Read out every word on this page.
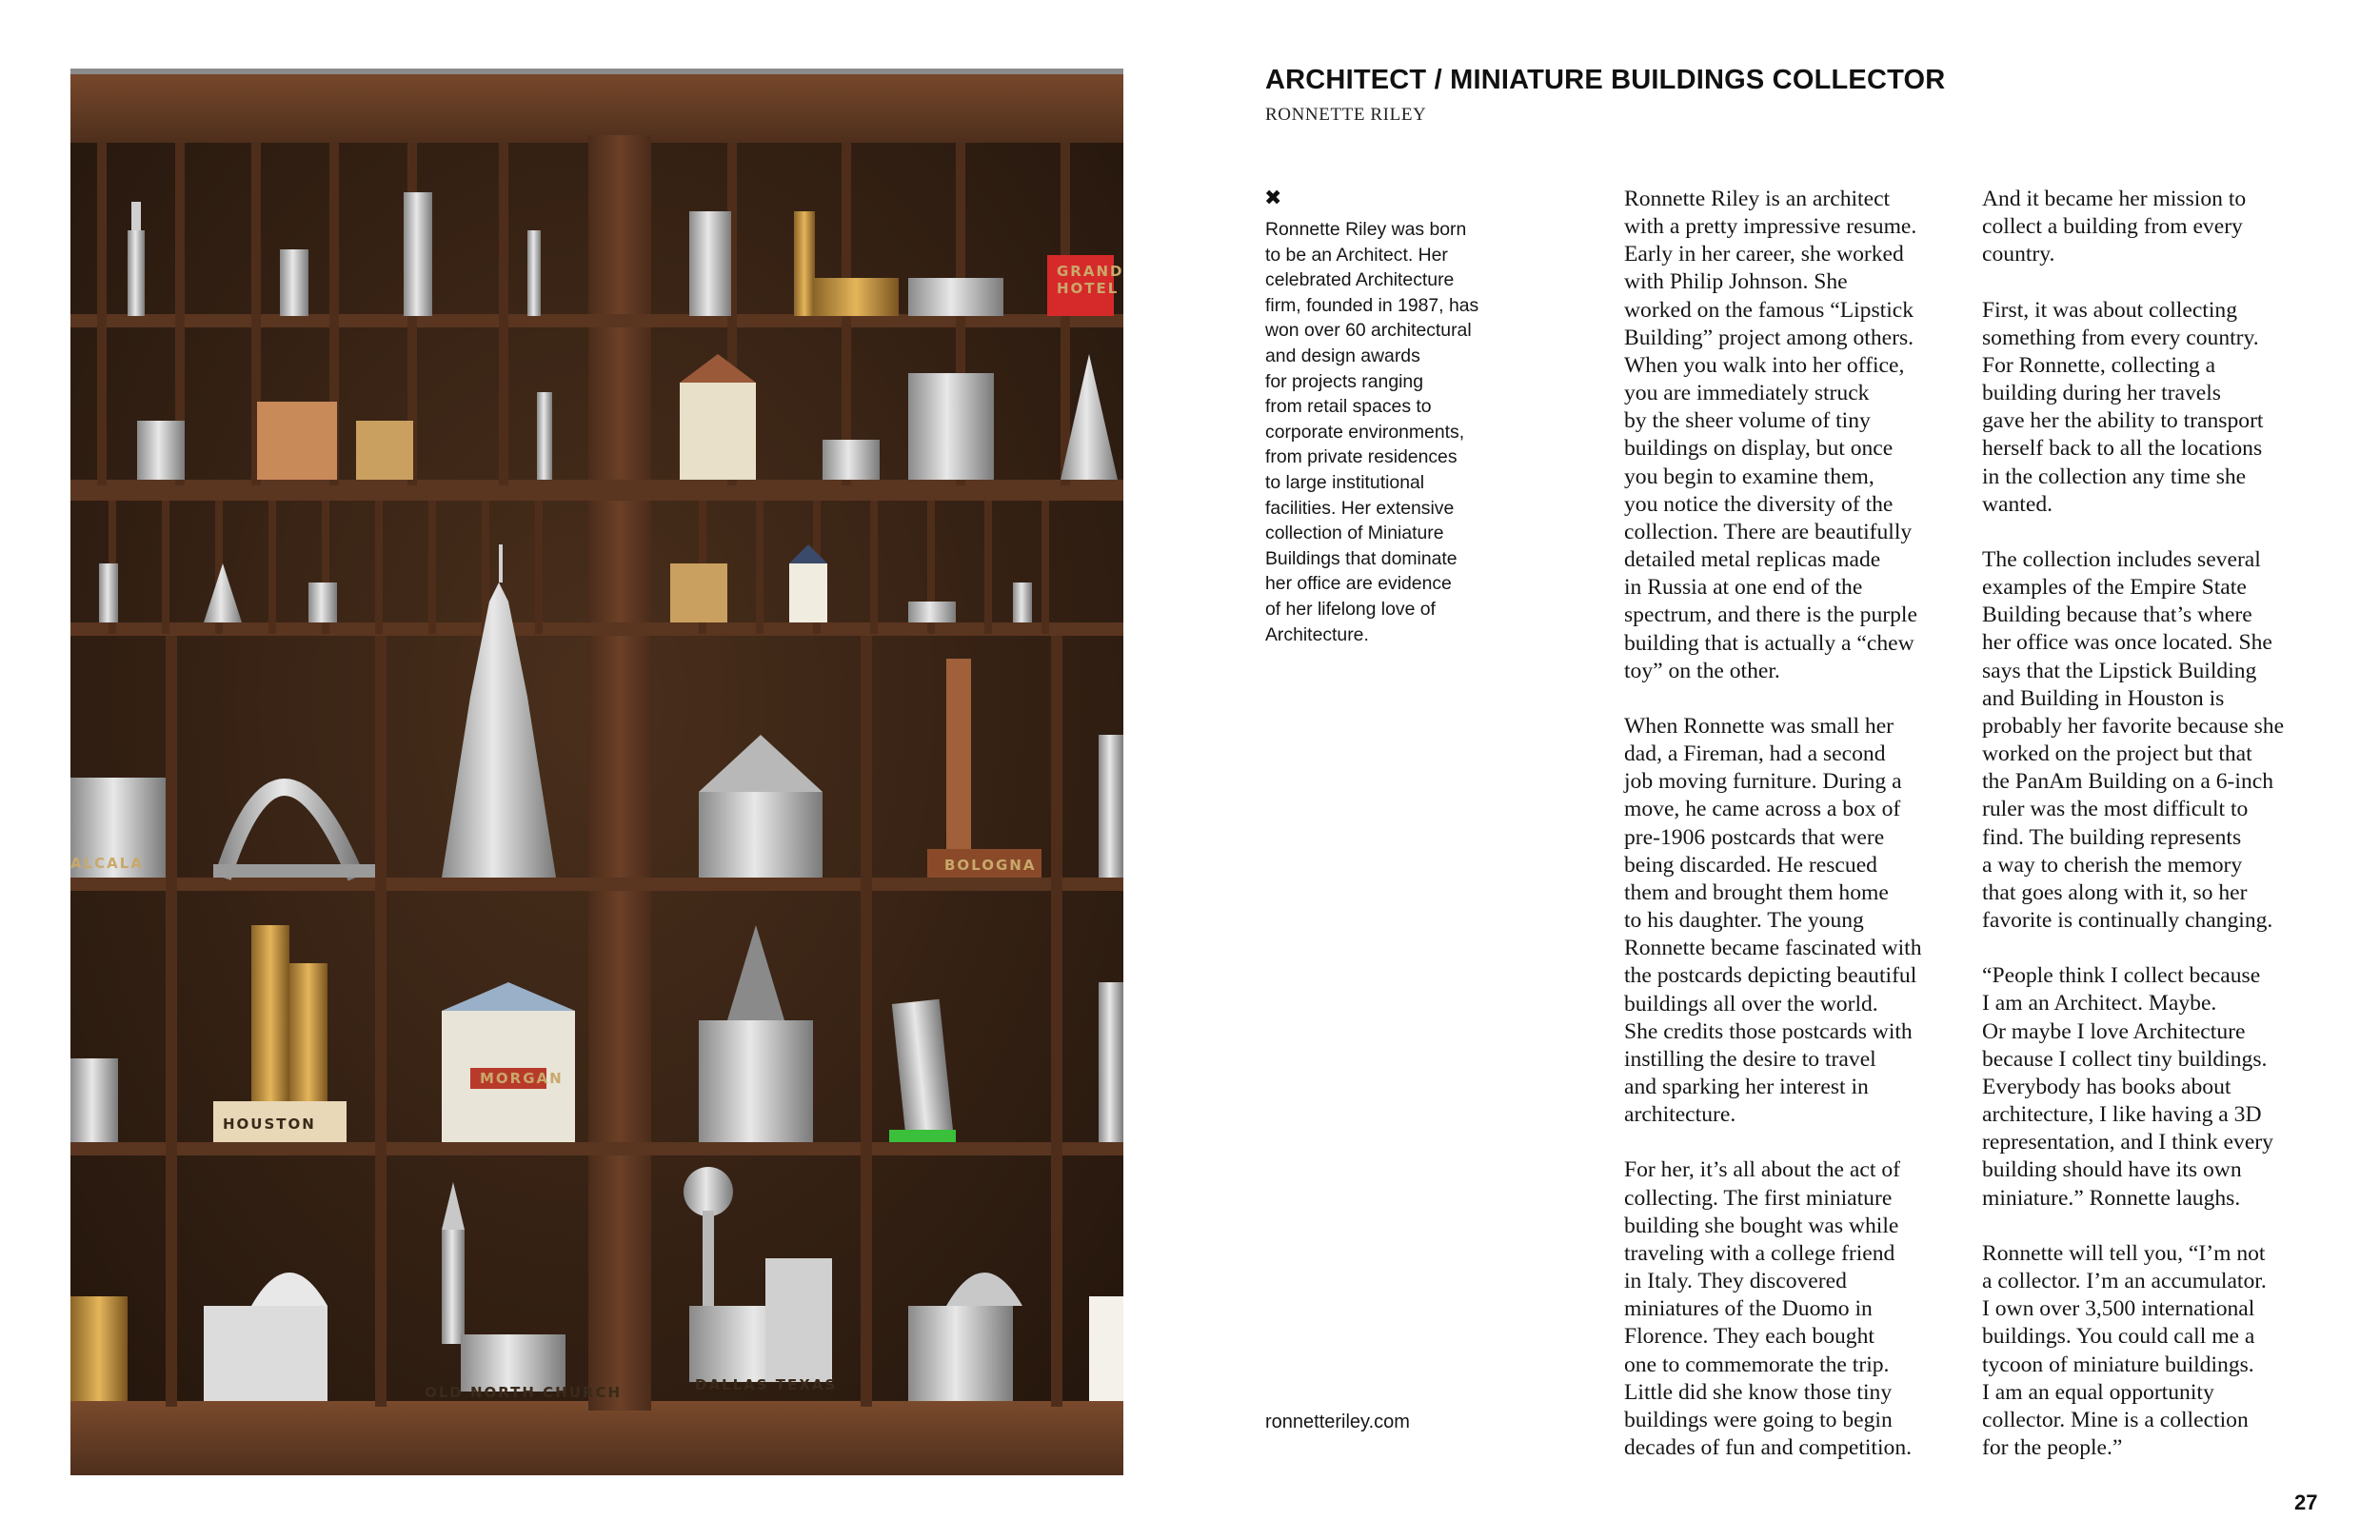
GRAND
HOTEL
ALCALA	BOLOGNA
HOUSTON
MORGAN
OLD NORTH CHURCH	DALLAS TEXAS
ARCHITECT / MINIATURE BUILDINGS COLLECTOR
RONNETTE RILEY
✖
Ronnette Riley was born
to be an Architect. Her
celebrated Architecture
firm, founded in 1987, has
won over 60 architectural
and design awards
for projects ranging
from retail spaces to
corporate environments,
from private residences
to large institutional
facilities. Her extensive
collection of Miniature
Buildings that dominate
her office are evidence
of her lifelong love of
Architecture.
ronnetteriley.com
Ronnette Riley is an architect
with a pretty impressive resume.
Early in her career, she worked
with Philip Johnson. She
worked on the famous “Lipstick
Building” project among others.
When you walk into her office,
you are immediately struck
by the sheer volume of tiny
buildings on display, but once
you begin to examine them,
you notice the diversity of the
collection. There are beautifully
detailed metal replicas made
in Russia at one end of the
spectrum, and there is the purple
building that is actually a “chew
toy” on the other.
When Ronnette was small her
dad, a Fireman, had a second
job moving furniture. During a
move, he came across a box of
pre-1906 postcards that were
being discarded. He rescued
them and brought them home
to his daughter. The young
Ronnette became fascinated with
the postcards depicting beautiful
buildings all over the world.
She credits those postcards with
instilling the desire to travel
and sparking her interest in
architecture.
For her, it’s all about the act of
collecting. The first miniature
building she bought was while
traveling with a college friend
in Italy. They discovered
miniatures of the Duomo in
Florence. They each bought
one to commemorate the trip.
Little did she know those tiny
buildings were going to begin
decades of fun and competition.
And it became her mission to
collect a building from every
country.
First, it was about collecting
something from every country.
For Ronnette, collecting a
building during her travels
gave her the ability to transport
herself back to all the locations
in the collection any time she
wanted.
The collection includes several
examples of the Empire State
Building because that’s where
her office was once located. She
says that the Lipstick Building
and Building in Houston is
probably her favorite because she
worked on the project but that
the PanAm Building on a 6-inch
ruler was the most difficult to
find. The building represents
a way to cherish the memory
that goes along with it, so her
favorite is continually changing.
“People think I collect because
I am an Architect. Maybe.
Or maybe I love Architecture
because I collect tiny buildings.
Everybody has books about
architecture, I like having a 3D
representation, and I think every
building should have its own
miniature.” Ronnette laughs.
Ronnette will tell you, “I’m not
a collector. I’m an accumulator.
I own over 3,500 international
buildings. You could call me a
tycoon of miniature buildings.
I am an equal opportunity
collector. Mine is a collection
for the people.”
27
